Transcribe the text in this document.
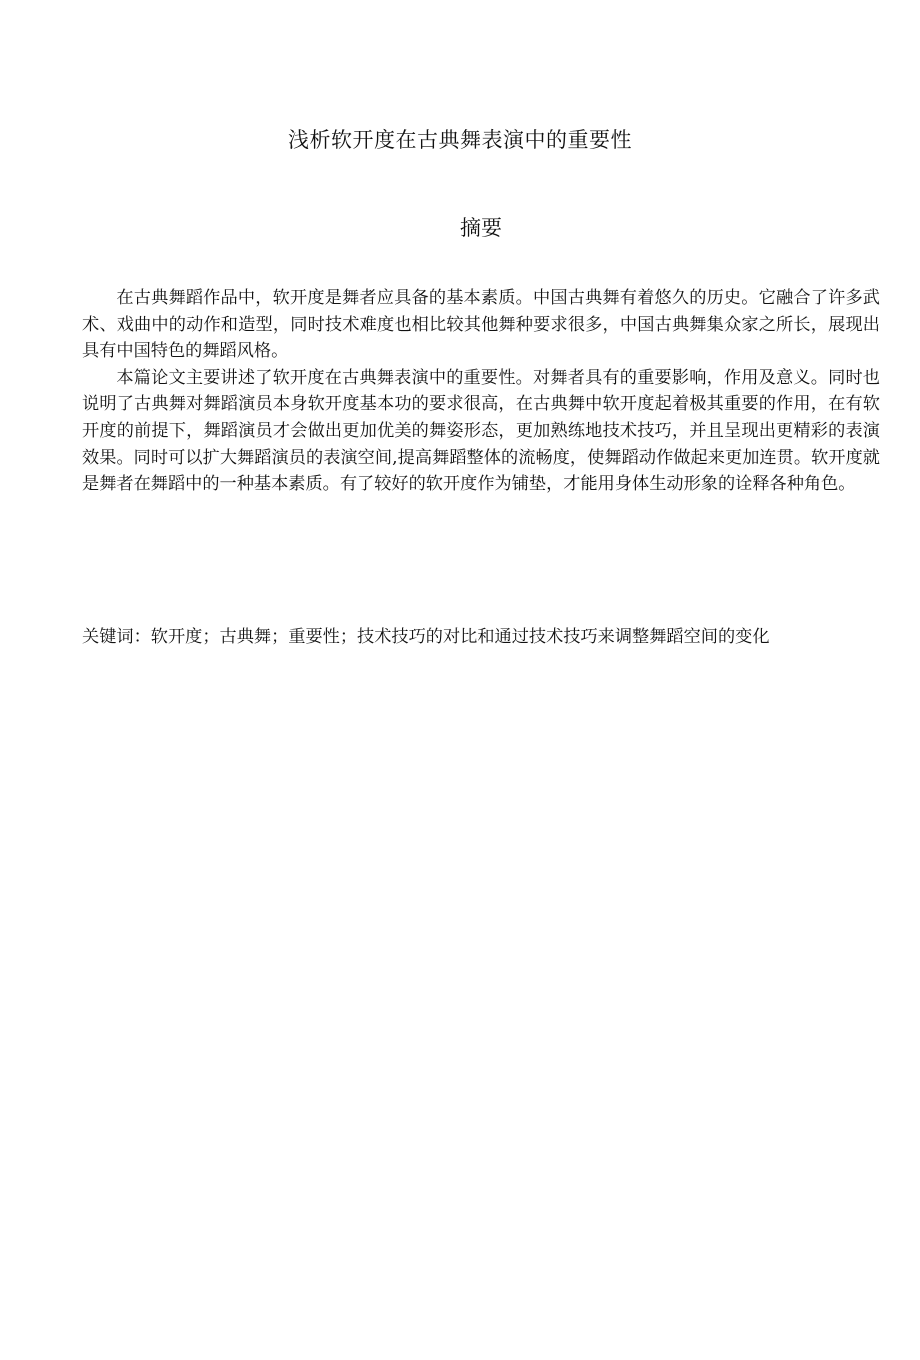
浅析软开度在古典舞表演中的重要性
摘要

在古典舞蹈作品中，软开度是舞者应具备的基本素质。中国古典舞有着悠久的历史。它融合了许多武术、戏曲中的动作和造型，同时技术难度也相比较其他舞种要求很多，中国古典舞集众家之所长，展现出具有中国特色的舞蹈风格。

本篇论文主要讲述了软开度在古典舞表演中的重要性。对舞者具有的重要影响，作用及意义。同时也说明了古典舞对舞蹈演员本身软开度基本功的要求很高，在古典舞中软开度起着极其重要的作用，在有软开度的前提下，舞蹈演员才会做出更加优美的舞姿形态，更加熟练地技术技巧，并且呈现出更精彩的表演效果。同时可以扩大舞蹈演员的表演空间,提高舞蹈整体的流畅度，使舞蹈动作做起来更加连贯。软开度就是舞者在舞蹈中的一种基本素质。有了较好的软开度作为铺垫，才能用身体生动形象的诠释各种角色。

关键词：软开度；古典舞；重要性；技术技巧的对比和通过技术技巧来调整舞蹈空间的变化
